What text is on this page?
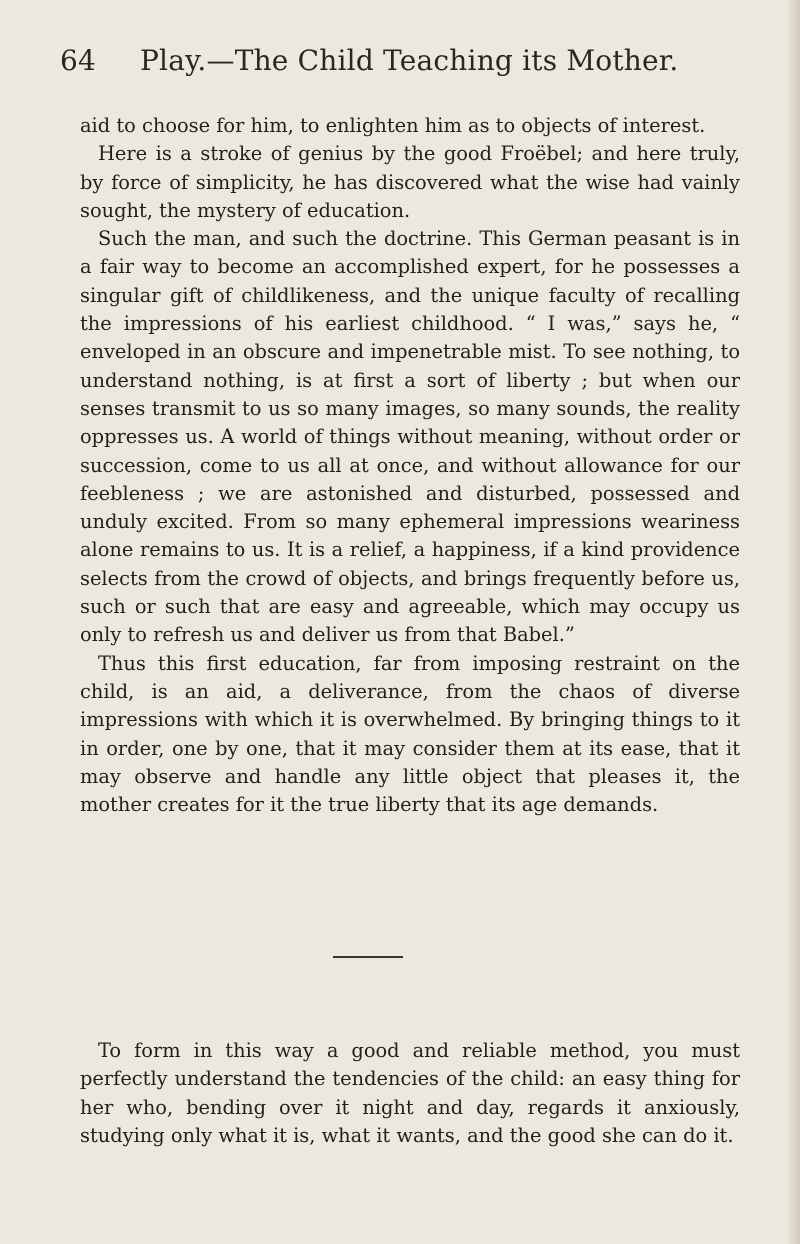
64	Play.—The Child Teaching its Mother.

aid to choose for him, to enlighten him as to objects of interest.

Here is a stroke of genius by the good Froëbel; and here truly, by force of simplicity, he has discovered what the wise had vainly sought, the mystery of education.

Such the man, and such the doctrine. This German peasant is in a fair way to become an accomplished expert, for he possesses a singular gift of childlikeness, and the unique faculty of recalling the impressions of his earliest childhood. “ I was,” says he, “ enveloped in an obscure and impenetrable mist. To see nothing, to understand nothing, is at first a sort of liberty ; but when our senses transmit to us so many images, so many sounds, the reality oppresses us. A world of things without meaning, without order or succession, come to us all at once, and without allowance for our feebleness ; we are astonished and disturbed, possessed and unduly excited. From so many ephemeral impressions weariness alone remains to us. It is a relief, a happiness, if a kind providence selects from the crowd of objects, and brings frequently before us, such or such that are easy and agreeable, which may occupy us only to refresh us and deliver us from that Babel.”

Thus this first education, far from imposing restraint on the child, is an aid, a deliverance, from the chaos of diverse impressions with which it is overwhelmed. By bringing things to it in order, one by one, that it may consider them at its ease, that it may observe and handle any little object that pleases it, the mother creates for it the true liberty that its age demands.

To form in this way a good and reliable method, you must perfectly understand the tendencies of the child: an easy thing for her who, bending over it night and day, regards it anxiously, studying only what it is, what it wants, and the good she can do it.
